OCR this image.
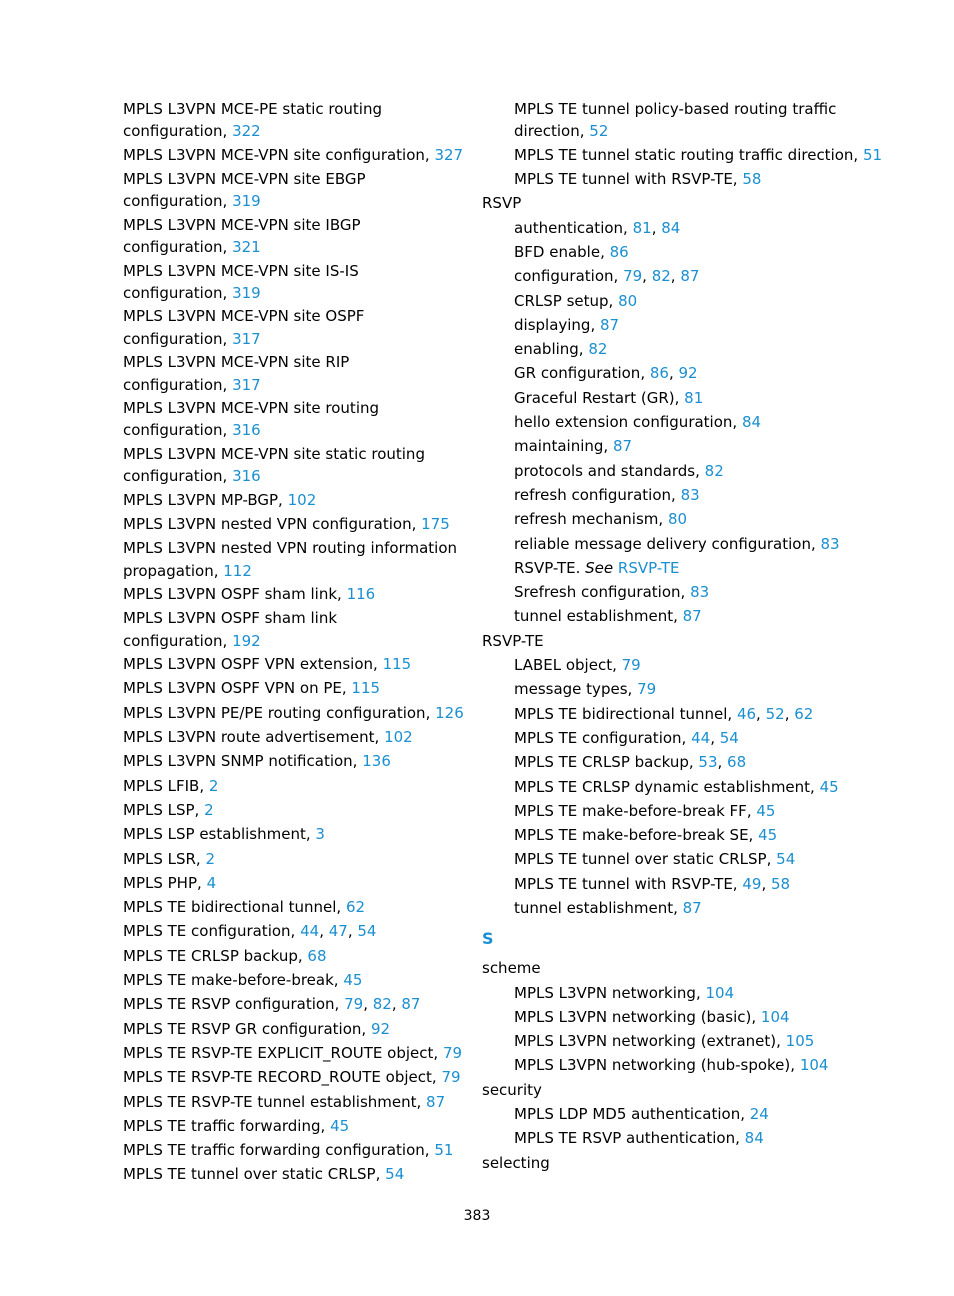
MPLS L3VPN MCE-PE static routing
configuration, 322
MPLS L3VPN MCE-VPN site configuration, 327
MPLS L3VPN MCE-VPN site EBGP
configuration, 319
MPLS L3VPN MCE-VPN site IBGP
configuration, 321
MPLS L3VPN MCE-VPN site IS-IS
configuration, 319
MPLS L3VPN MCE-VPN site OSPF
configuration, 317
MPLS L3VPN MCE-VPN site RIP
configuration, 317
MPLS L3VPN MCE-VPN site routing
configuration, 316
MPLS L3VPN MCE-VPN site static routing
configuration, 316
MPLS L3VPN MP-BGP, 102
MPLS L3VPN nested VPN configuration, 175
MPLS L3VPN nested VPN routing information
propagation, 112
MPLS L3VPN OSPF sham link, 116
MPLS L3VPN OSPF sham link
configuration, 192
MPLS L3VPN OSPF VPN extension, 115
MPLS L3VPN OSPF VPN on PE, 115
MPLS L3VPN PE/PE routing configuration, 126
MPLS L3VPN route advertisement, 102
MPLS L3VPN SNMP notification, 136
MPLS LFIB, 2
MPLS LSP, 2
MPLS LSP establishment, 3
MPLS LSR, 2
MPLS PHP, 4
MPLS TE bidirectional tunnel, 62
MPLS TE configuration, 44, 47, 54
MPLS TE CRLSP backup, 68
MPLS TE make-before-break, 45
MPLS TE RSVP configuration, 79, 82, 87
MPLS TE RSVP GR configuration, 92
MPLS TE RSVP-TE EXPLICIT_ROUTE object, 79
MPLS TE RSVP-TE RECORD_ROUTE object, 79
MPLS TE RSVP-TE tunnel establishment, 87
MPLS TE traffic forwarding, 45
MPLS TE traffic forwarding configuration, 51
MPLS TE tunnel over static CRLSP, 54
MPLS TE tunnel policy-based routing traffic
direction, 52
MPLS TE tunnel static routing traffic direction, 51
MPLS TE tunnel with RSVP-TE, 58
RSVP
authentication, 81, 84
BFD enable, 86
configuration, 79, 82, 87
CRLSP setup, 80
displaying, 87
enabling, 82
GR configuration, 86, 92
Graceful Restart (GR), 81
hello extension configuration, 84
maintaining, 87
protocols and standards, 82
refresh configuration, 83
refresh mechanism, 80
reliable message delivery configuration, 83
RSVP-TE. See RSVP-TE
Srefresh configuration, 83
tunnel establishment, 87
RSVP-TE
LABEL object, 79
message types, 79
MPLS TE bidirectional tunnel, 46, 52, 62
MPLS TE configuration, 44, 54
MPLS TE CRLSP backup, 53, 68
MPLS TE CRLSP dynamic establishment, 45
MPLS TE make-before-break FF, 45
MPLS TE make-before-break SE, 45
MPLS TE tunnel over static CRLSP, 54
MPLS TE tunnel with RSVP-TE, 49, 58
tunnel establishment, 87
S
scheme
MPLS L3VPN networking, 104
MPLS L3VPN networking (basic), 104
MPLS L3VPN networking (extranet), 105
MPLS L3VPN networking (hub-spoke), 104
security
MPLS LDP MD5 authentication, 24
MPLS TE RSVP authentication, 84
selecting
383
